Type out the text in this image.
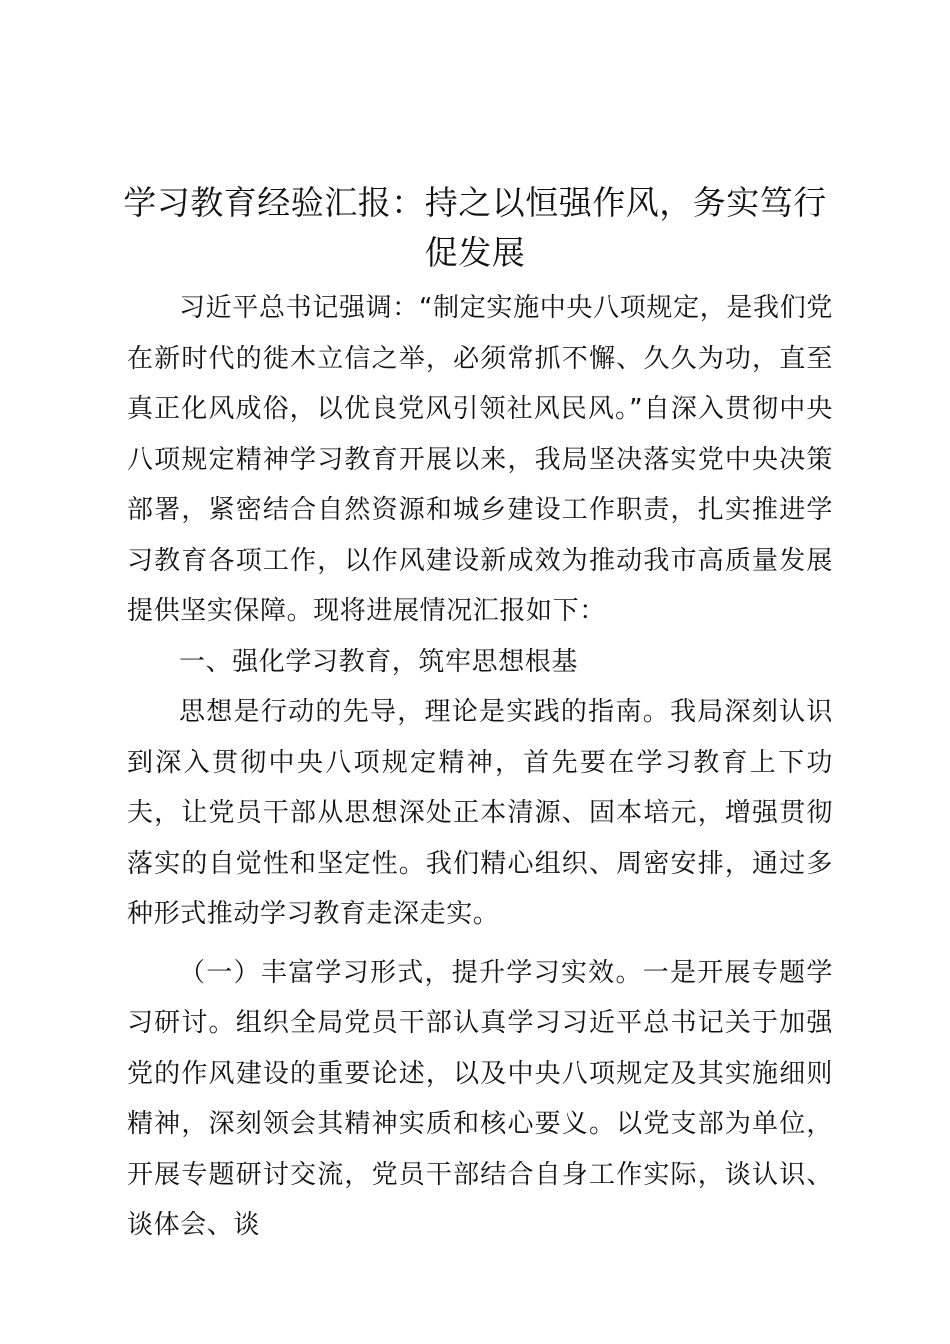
学习教育经验汇报：持之以恒强作风，务实笃行促发展

习近平总书记强调：“制定实施中央八项规定，是我们党在新时代的徙木立信之举，必须常抓不懈、久久为功，直至真正化风成俗，以优良党风引领社风民风。”自深入贯彻中央八项规定精神学习教育开展以来，我局坚决落实党中央决策部署，紧密结合自然资源和城乡建设工作职责，扎实推进学习教育各项工作，以作风建设新成效为推动我市高质量发展提供坚实保障。现将进展情况汇报如下：

一、强化学习教育，筑牢思想根基

思想是行动的先导，理论是实践的指南。我局深刻认识到深入贯彻中央八项规定精神，首先要在学习教育上下功夫，让党员干部从思想深处正本清源、固本培元，增强贯彻落实的自觉性和坚定性。我们精心组织、周密安排，通过多种形式推动学习教育走深走实。

（一）丰富学习形式，提升学习实效。一是开展专题学习研讨。组织全局党员干部认真学习习近平总书记关于加强党的作风建设的重要论述，以及中央八项规定及其实施细则精神，深刻领会其精神实质和核心要义。以党支部为单位，开展专题研讨交流，党员干部结合自身工作实际，谈认识、谈体会、谈
